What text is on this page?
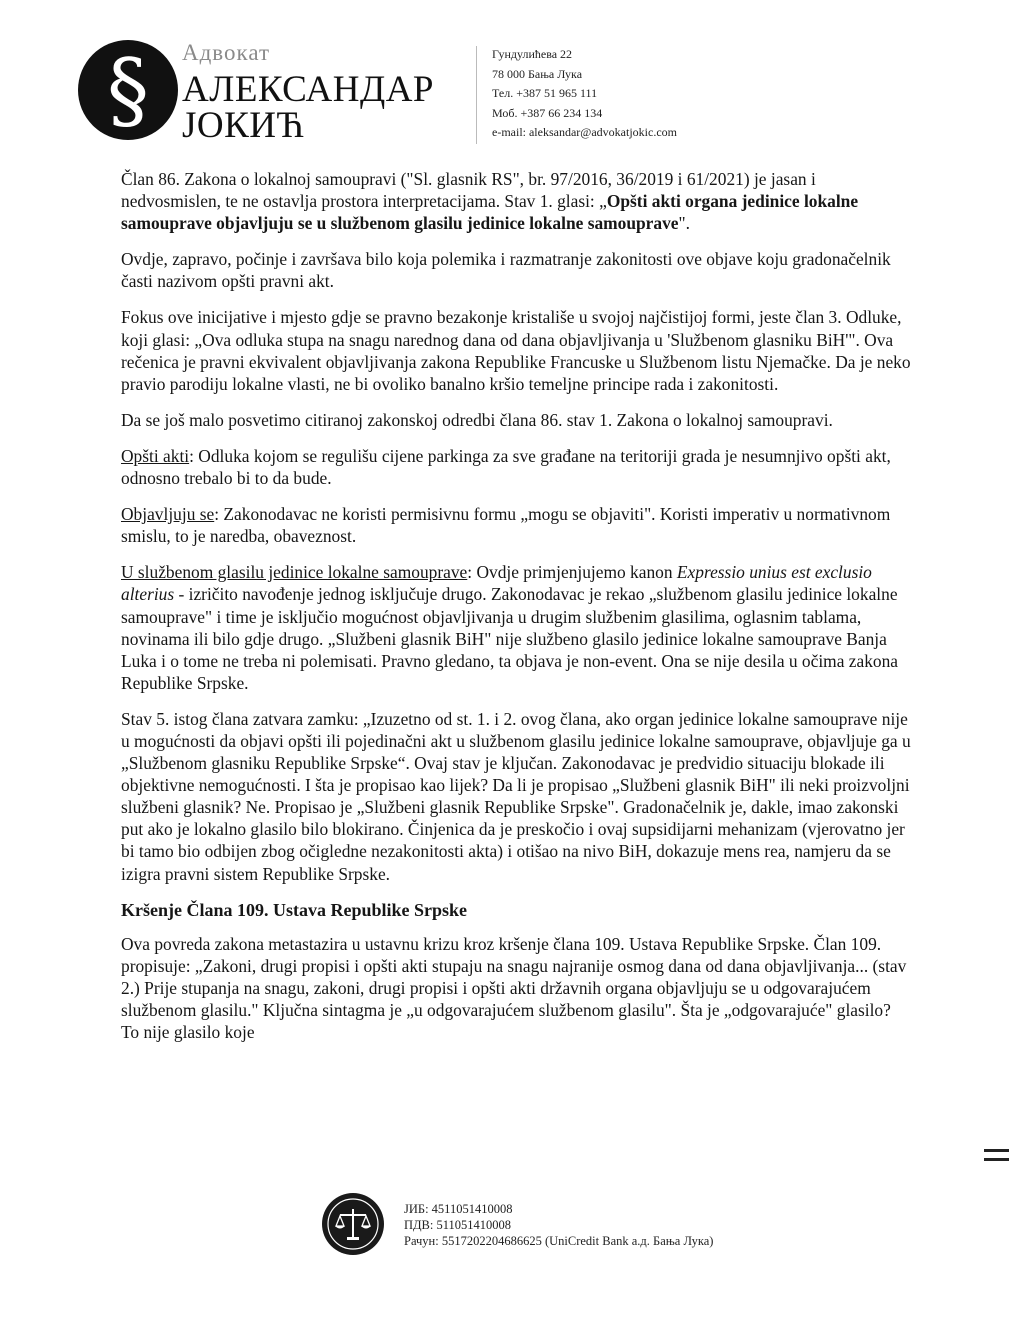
§	Адвокат
АЛЕКСАНДАР
ЈОКИЋ
Гундулићева 22
78 000 Бања Лука
Тел. +387 51 965 111
Моб. +387 66 234 134
e-mail: aleksandar@advokatjokic.com

Član 86. Zakona o lokalnoj samoupravi ("Sl. glasnik RS", br. 97/2016, 36/2019 i 61/2021) je jasan i nedvosmislen, te ne ostavlja prostora interpretacijama. Stav 1. glasi: „Opšti akti organa jedinice lokalne samouprave objavljuju se u službenom glasilu jedinice lokalne samouprave".

Ovdje, zapravo, počinje i završava bilo koja polemika i razmatranje zakonitosti ove objave koju gradonačelnik časti nazivom opšti pravni akt.

Fokus ove inicijative i mjesto gdje se pravno bezakonje kristališe u svojoj najčistijoj formi, jeste član 3. Odluke, koji glasi: „Ova odluka stupa na snagu narednog dana od dana objavljivanja u 'Službenom glasniku BiH'". Ova rečenica je pravni ekvivalent objavljivanja zakona Republike Francuske u Službenom listu Njemačke. Da je neko pravio parodiju lokalne vlasti, ne bi ovoliko banalno kršio temeljne principe rada i zakonitosti.

Da se još malo posvetimo citiranoj zakonskoj odredbi člana 86. stav 1. Zakona o lokalnoj samoupravi.

Opšti akti: Odluka kojom se regulišu cijene parkinga za sve građane na teritoriji grada je nesumnjivo opšti akt, odnosno trebalo bi to da bude.

Objavljuju se: Zakonodavac ne koristi permisivnu formu „mogu se objaviti". Koristi imperativ u normativnom smislu, to je naredba, obaveznost.

U službenom glasilu jedinice lokalne samouprave: Ovdje primjenjujemo kanon Expressio unius est exclusio alterius - izričito navođenje jednog isključuje drugo. Zakonodavac je rekao „službenom glasilu jedinice lokalne samouprave" i time je isključio mogućnost objavljivanja u drugim službenim glasilima, oglasnim tablama, novinama ili bilo gdje drugo. „Službeni glasnik BiH" nije službeno glasilo jedinice lokalne samouprave Banja Luka i o tome ne treba ni polemisati. Pravno gledano, ta objava je non-event. Ona se nije desila u očima zakona Republike Srpske.

Stav 5. istog člana zatvara zamku: „Izuzetno od st. 1. i 2. ovog člana, ako organ jedinice lokalne samouprave nije u mogućnosti da objavi opšti ili pojedinačni akt u službenom glasilu jedinice lokalne samouprave, objavljuje ga u „Službenom glasniku Republike Srpske“. Ovaj stav je ključan. Zakonodavac je predvidio situaciju blokade ili objektivne nemogućnosti. I šta je propisao kao lijek? Da li je propisao „Službeni glasnik BiH" ili neki proizvoljni službeni glasnik? Ne. Propisao je „Službeni glasnik Republike Srpske". Gradonačelnik je, dakle, imao zakonski put ako je lokalno glasilo bilo blokirano. Činjenica da je preskočio i ovaj supsidijarni mehanizam (vjerovatno jer bi tamo bio odbijen zbog očigledne nezakonitosti akta) i otišao na nivo BiH, dokazuje mens rea, namjeru da se izigra pravni sistem Republike Srpske.

Kršenje Člana 109. Ustava Republike Srpske

Ova povreda zakona metastazira u ustavnu krizu kroz kršenje člana 109. Ustava Republike Srpske. Član 109. propisuje: „Zakoni, drugi propisi i opšti akti stupaju na snagu najranije osmog dana od dana objavljivanja... (stav 2.) Prije stupanja na snagu, zakoni, drugi propisi i opšti akti državnih organa objavljuju se u odgovarajućem službenom glasilu." Ključna sintagma je „u odgovarajućem službenom glasilu". Šta je „odgovarajuće" glasilo? To nije glasilo koje

ЈИБ: 4511051410008
ПДВ: 511051410008
Рачун: 5517202204686625 (UniCredit Bank а.д. Бања Лука)
